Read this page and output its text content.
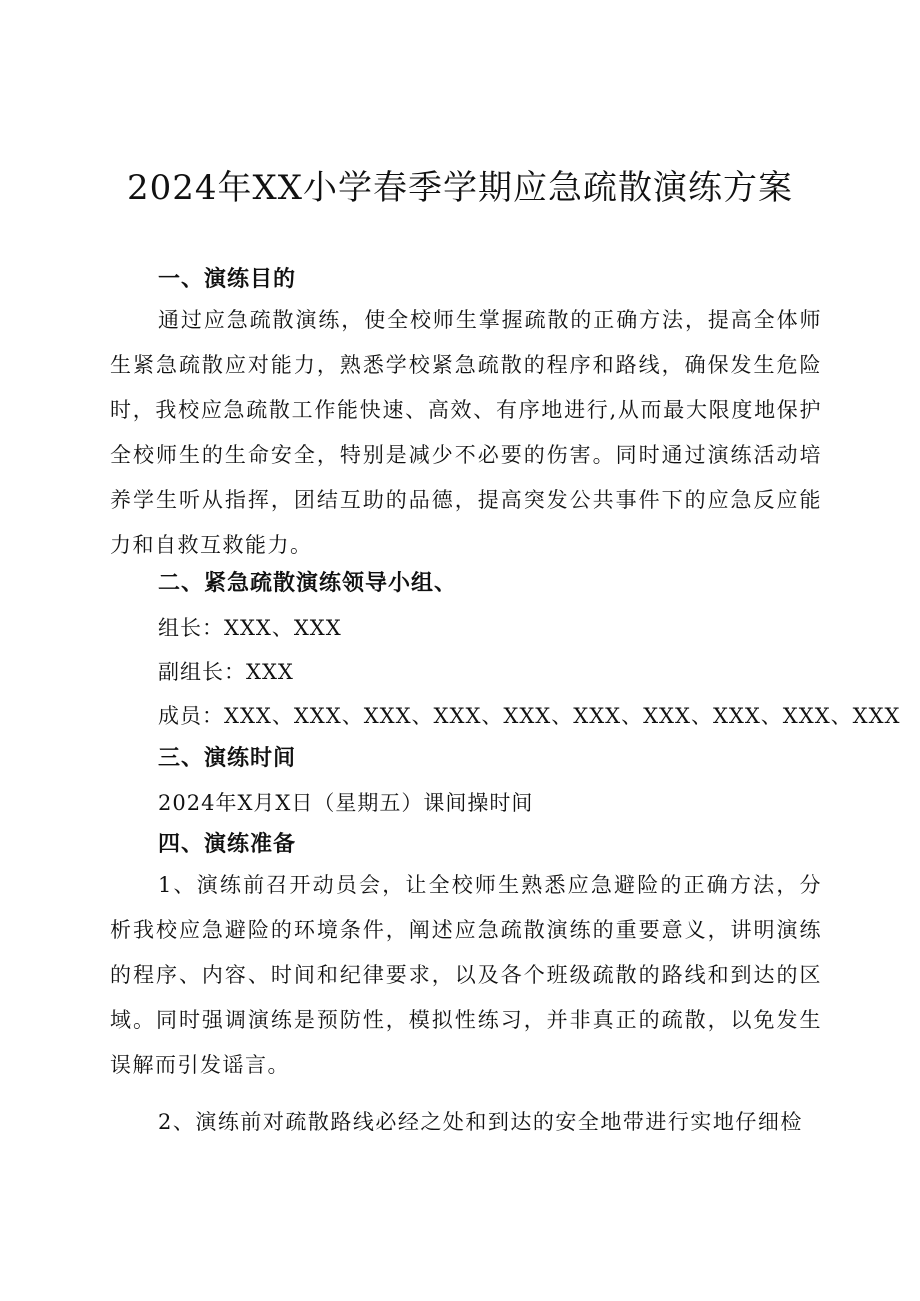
2024年XX小学春季学期应急疏散演练方案
一、演练目的

通过应急疏散演练，使全校师生掌握疏散的正确方法，提高全体师生紧急疏散应对能力，熟悉学校紧急疏散的程序和路线，确保发生危险时，我校应急疏散工作能快速、高效、有序地进行,从而最大限度地保护全校师生的生命安全，特别是减少不必要的伤害。同时通过演练活动培养学生听从指挥，团结互助的品德，提高突发公共事件下的应急反应能力和自救互救能力。

二、紧急疏散演练领导小组、
组长：XXX、XXX
副组长：XXX
成员：XXX、XXX、XXX、XXX、XXX、XXX、XXX、XXX、XXX、XXX
三、演练时间
2024年X月X日（星期五）课间操时间
四、演练准备

1、演练前召开动员会，让全校师生熟悉应急避险的正确方法，分析我校应急避险的环境条件，阐述应急疏散演练的重要意义，讲明演练的程序、内容、时间和纪律要求，以及各个班级疏散的路线和到达的区域。同时强调演练是预防性，模拟性练习，并非真正的疏散，以免发生误解而引发谣言。

2、演练前对疏散路线必经之处和到达的安全地带进行实地仔细检
